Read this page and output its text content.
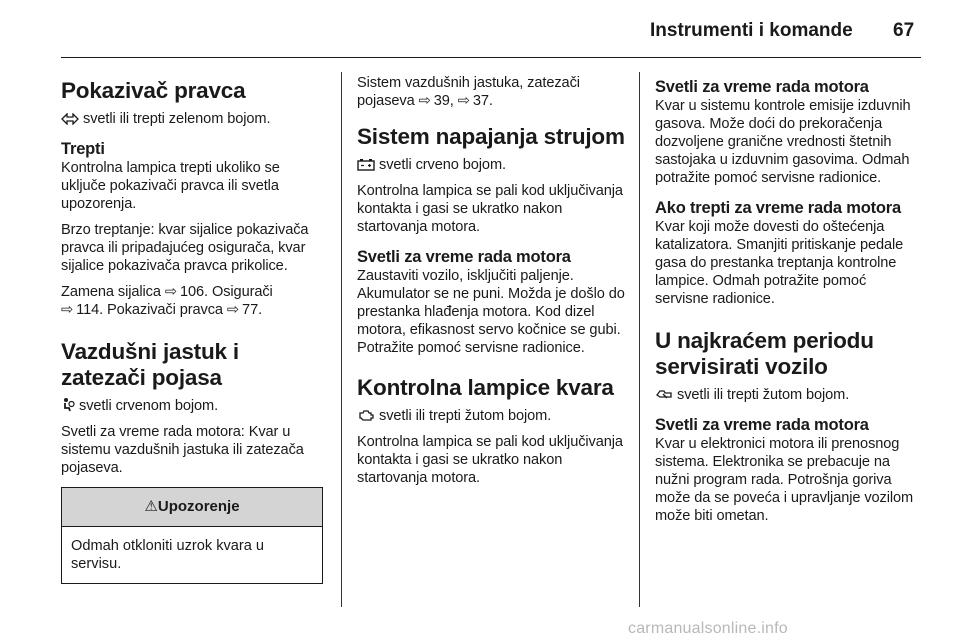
Instrumenti i komande 67
Pokazivač pravca
svetli ili trepti zelenom bojom.
Trepti
Kontrolna lampica trepti ukoliko se uključe pokazivači pravca ili svetla upozorenja.
Brzo treptanje: kvar sijalice pokazivača pravca ili pripadajućeg osigurača, kvar sijalice pokazivača pravca prikolice.
Zamena sijalica ⇨ 106. Osigurači
⇨ 114. Pokazivači pravca ⇨ 77.
Vazdušni jastuk i zatezači pojasa
svetli crvenom bojom.
Svetli za vreme rada motora: Kvar u sistemu vazdušnih jastuka ili zatezača pojaseva.
⚠Upozorenje
Odmah otkloniti uzrok kvara u servisu.
Sistem vazdušnih jastuka, zatezači pojaseva ⇨ 39, ⇨ 37.
Sistem napajanja strujom
svetli crveno bojom.
Kontrolna lampica se pali kod uključivanja kontakta i gasi se ukratko nakon startovanja motora.
Svetli za vreme rada motora
Zaustaviti vozilo, isključiti paljenje. Akumulator se ne puni. Možda je došlo do prestanka hlađenja motora. Kod dizel motora, efikasnost servo kočnice se gubi. Potražite pomoć servisne radionice.
Kontrolna lampice kvara
svetli ili trepti žutom bojom.
Kontrolna lampica se pali kod uključivanja kontakta i gasi se ukratko nakon startovanja motora.
Svetli za vreme rada motora
Kvar u sistemu kontrole emisije izduvnih gasova. Može doći do prekoračenja dozvoljene granične vrednosti štetnih sastojaka u izduvnim gasovima. Odmah potražite pomoć servisne radionice.
Ako trepti za vreme rada motora
Kvar koji može dovesti do oštećenja katalizatora. Smanjiti pritiskanje pedale gasa do prestanka treptanja kontrolne lampice. Odmah potražite pomoć servisne radionice.
U najkraćem periodu servisirati vozilo
svetli ili trepti žutom bojom.
Svetli za vreme rada motora
Kvar u elektronici motora ili prenosnog sistema. Elektronika se prebacuje na nužni program rada. Potrošnja goriva može da se poveća i upravljanje vozilom može biti ometan.
carmanualsonline.info
